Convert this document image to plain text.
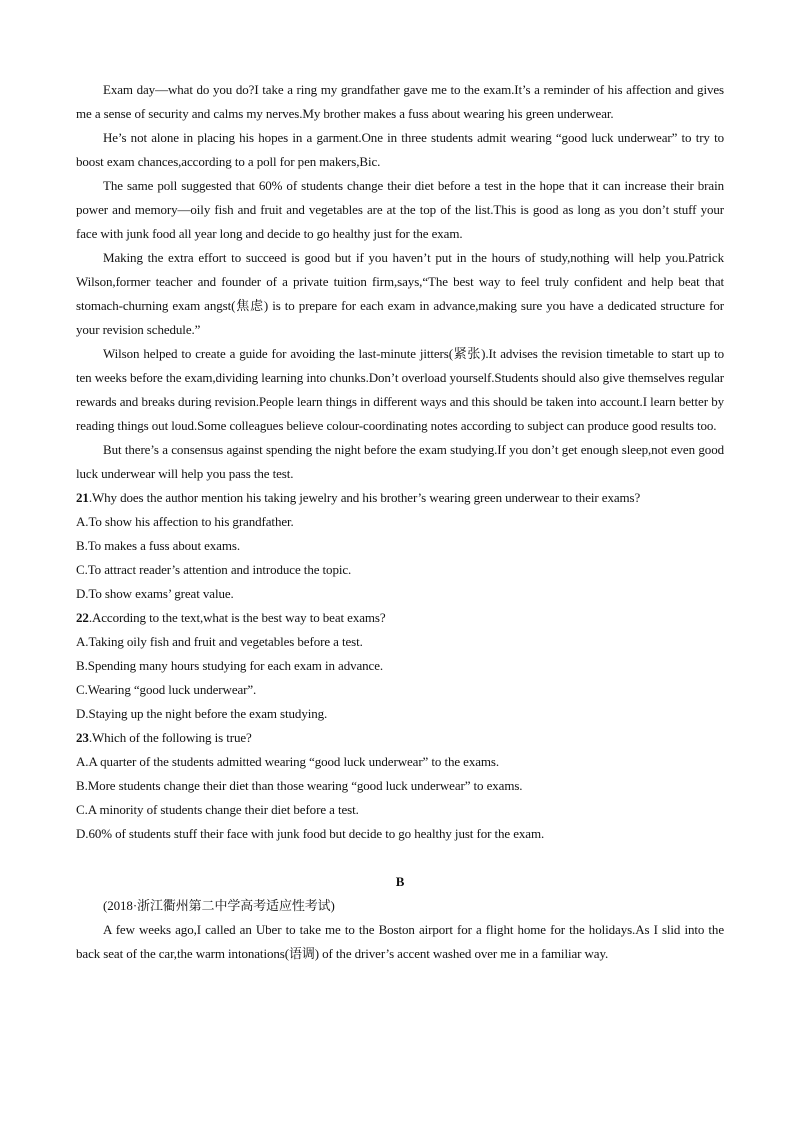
Exam day—what do you do?I take a ring my grandfather gave me to the exam.It’s a reminder of his affection and gives me a sense of security and calms my nerves.My brother makes a fuss about wearing his green underwear.

He’s not alone in placing his hopes in a garment.One in three students admit wearing “good luck underwear” to try to boost exam chances,according to a poll for pen makers,Bic.

The same poll suggested that 60% of students change their diet before a test in the hope that it can increase their brain power and memory—oily fish and fruit and vegetables are at the top of the list.This is good as long as you don’t stuff your face with junk food all year long and decide to go healthy just for the exam.

Making the extra effort to succeed is good but if you haven’t put in the hours of study,nothing will help you.Patrick Wilson,former teacher and founder of a private tuition firm,says,“The best way to feel truly confident and help beat that stomach-churning exam angst(焦虑) is to prepare for each exam in advance,making sure you have a dedicated structure for your revision schedule.”

Wilson helped to create a guide for avoiding the last-minute jitters(紧张).It advises the revision timetable to start up to ten weeks before the exam,dividing learning into chunks.Don’t overload yourself.Students should also give themselves regular rewards and breaks during revision.People learn things in different ways and this should be taken into account.I learn better by reading things out loud.Some colleagues believe colour-coordinating notes according to subject can produce good results too.

But there’s a consensus against spending the night before the exam studying.If you don’t get enough sleep,not even good luck underwear will help you pass the test.

21.Why does the author mention his taking jewelry and his brother’s wearing green underwear to their exams?

A.To show his affection to his grandfather.

B.To makes a fuss about exams.

C.To attract reader’s attention and introduce the topic.

D.To show exams’ great value.

22.According to the text,what is the best way to beat exams?

A.Taking oily fish and fruit and vegetables before a test.

B.Spending many hours studying for each exam in advance.

C.Wearing “good luck underwear”.

D.Staying up the night before the exam studying.

23.Which of the following is true?

A.A quarter of the students admitted wearing “good luck underwear” to the exams.

B.More students change their diet than those wearing “good luck underwear” to exams.

C.A minority of students change their diet before a test.

D.60% of students stuff their face with junk food but decide to go healthy just for the exam.

B

(2018·浙江衢州第二中学高考适应性考试)

A few weeks ago,I called an Uber to take me to the Boston airport for a flight home for the holidays.As I slid into the back seat of the car,the warm intonations(语调) of the driver’s accent washed over me in a familiar way.
